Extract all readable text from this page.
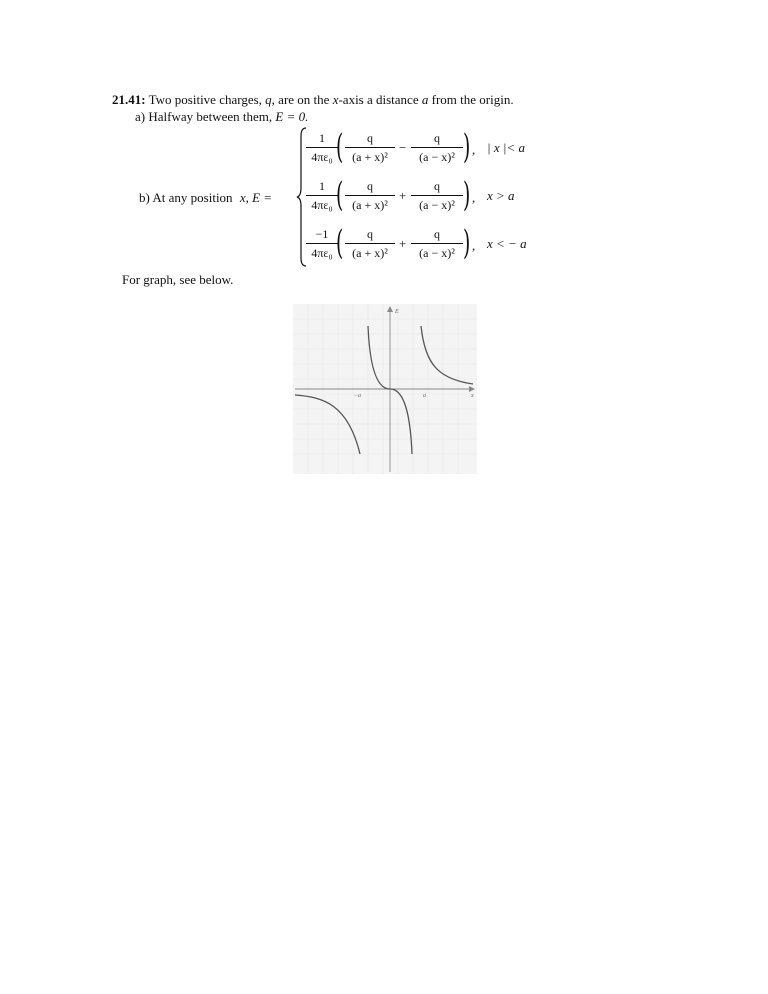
21.41: Two positive charges, q, are on the x-axis a distance a from the origin.
a) Halfway between them, E = 0.
b) At any position x, E =
1
4πε₀ (	q
(a + x)²
−
q
(a − x)² ) , | x |< a
1
4πε₀ (	q
(a + x)²
+
q
(a − x)² ) , x > a
−1
4πε₀ (	q
(a + x)²
+
q
(a − x)² ) , x < − a
For graph, see below.
E
x
−a	a
